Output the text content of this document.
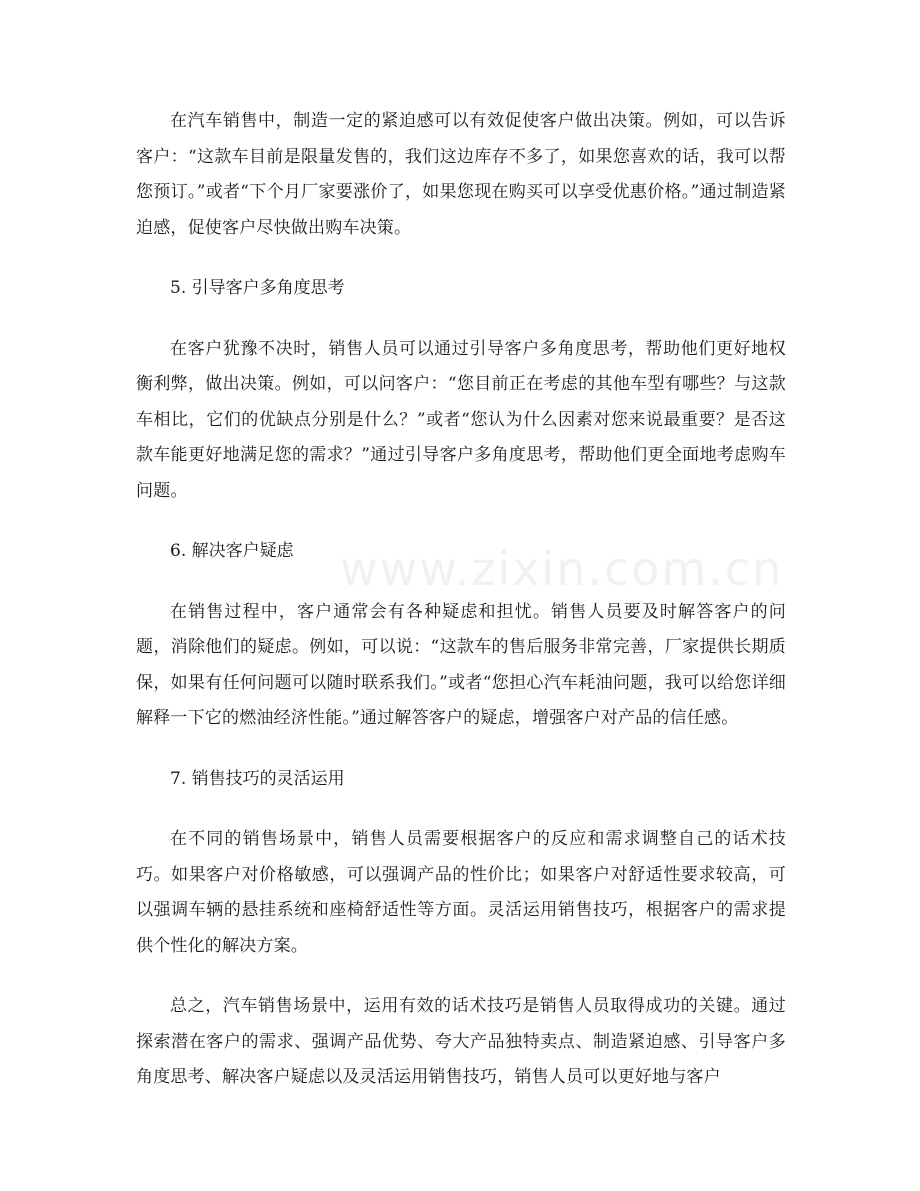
www.zixin.com.cn

在汽车销售中，制造一定的紧迫感可以有效促使客户做出决策。例如，可以告诉客户：“这款车目前是限量发售的，我们这边库存不多了，如果您喜欢的话，我可以帮您预订。”或者“下个月厂家要涨价了，如果您现在购买可以享受优惠价格。”通过制造紧迫感，促使客户尽快做出购车决策。

5. 引导客户多角度思考

在客户犹豫不决时，销售人员可以通过引导客户多角度思考，帮助他们更好地权衡利弊，做出决策。例如，可以问客户：“您目前正在考虑的其他车型有哪些？与这款车相比，它们的优缺点分别是什么？”或者“您认为什么因素对您来说最重要？是否这款车能更好地满足您的需求？”通过引导客户多角度思考，帮助他们更全面地考虑购车问题。

6. 解决客户疑虑

在销售过程中，客户通常会有各种疑虑和担忧。销售人员要及时解答客户的问题，消除他们的疑虑。例如，可以说：“这款车的售后服务非常完善，厂家提供长期质保，如果有任何问题可以随时联系我们。”或者“您担心汽车耗油问题，我可以给您详细解释一下它的燃油经济性能。”通过解答客户的疑虑，增强客户对产品的信任感。

7. 销售技巧的灵活运用

在不同的销售场景中，销售人员需要根据客户的反应和需求调整自己的话术技巧。如果客户对价格敏感，可以强调产品的性价比；如果客户对舒适性要求较高，可以强调车辆的悬挂系统和座椅舒适性等方面。灵活运用销售技巧，根据客户的需求提供个性化的解决方案。

总之，汽车销售场景中，运用有效的话术技巧是销售人员取得成功的关键。通过探索潜在客户的需求、强调产品优势、夸大产品独特卖点、制造紧迫感、引导客户多角度思考、解决客户疑虑以及灵活运用销售技巧，销售人员可以更好地与客户
